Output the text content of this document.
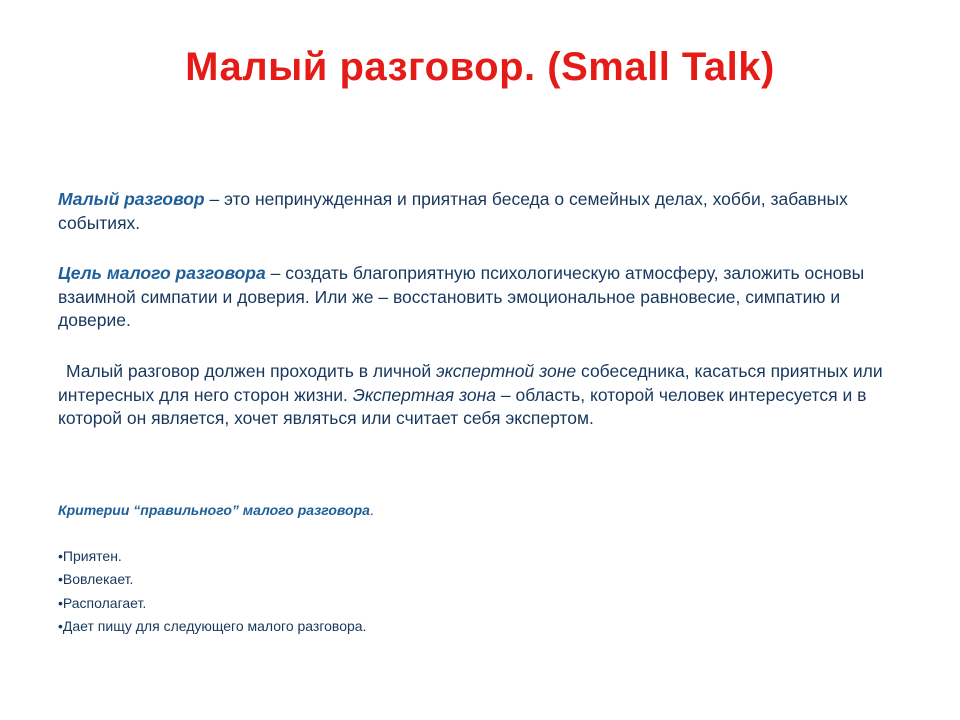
Малый разговор. (Small Talk)

Малый разговор – это непринужденная и приятная беседа о семейных делах, хобби, забавных событиях.

Цель малого разговора – создать благоприятную психологическую атмосферу, заложить основы взаимной симпатии и доверия. Или же – восстановить эмоциональное равновесие, симпатию и доверие.

Малый разговор должен проходить в личной экспертной зоне собеседника, касаться приятных или интересных для него сторон жизни. Экспертная зона – область, которой человек интересуется и в которой он является, хочет являться или считает себя экспертом.

Критерии “правильного” малого разговора.
•Приятен.
•Вовлекает.
•Располагает.
•Дает пищу для следующего малого разговора.
